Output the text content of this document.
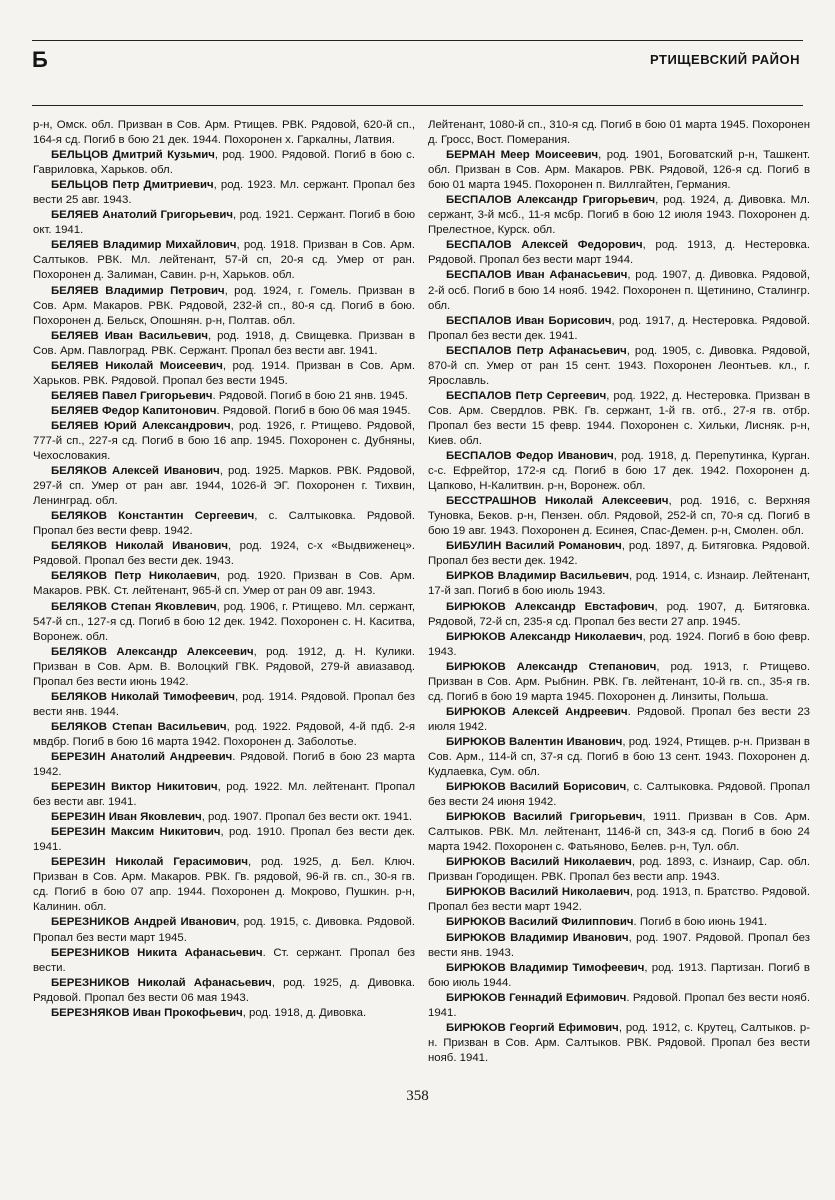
Б	РТИЩЕВСКИЙ РАЙОН

р-н, Омск. обл. Призван в Сов. Арм. Ртищев. РВК. Рядовой, 620-й сп., 164-я сд. Погиб в бою 21 дек. 1944. Похоронен х. Гаркалны, Латвия.

БЕЛЬЦОВ Дмитрий Кузьмич, род. 1900. Рядовой. Погиб в бою с. Гавриловка, Харьков. обл.

БЕЛЬЦОВ Петр Дмитриевич, род. 1923. Мл. сержант. Пропал без вести 25 авг. 1943.

БЕЛЯЕВ Анатолий Григорьевич, род. 1921. Сержант. Погиб в бою окт. 1941.

БЕЛЯЕВ Владимир Михайлович, род. 1918. Призван в Сов. Арм. Салтыков. РВК. Мл. лейтенант, 57-й сп, 20-я сд. Умер от ран. Похоронен д. Залиман, Савин. р-н, Харьков. обл.

БЕЛЯЕВ Владимир Петрович, род. 1924, г. Гомель. Призван в Сов. Арм. Макаров. РВК. Рядовой, 232-й сп., 80-я сд. Погиб в бою. Похоронен д. Бельск, Опошнян. р-н, Полтав. обл.

БЕЛЯЕВ Иван Васильевич, род. 1918, д. Свищевка. Призван в Сов. Арм. Павлоград. РВК. Сержант. Пропал без вести авг. 1941.

БЕЛЯЕВ Николай Моисеевич, род. 1914. Призван в Сов. Арм. Харьков. РВК. Рядовой. Пропал без вести 1945.

БЕЛЯЕВ Павел Григорьевич. Рядовой. Погиб в бою 21 янв. 1945.

БЕЛЯЕВ Федор Капитонович. Рядовой. Погиб в бою 06 мая 1945.

БЕЛЯЕВ Юрий Александрович, род. 1926, г. Ртищево. Рядовой, 777-й сп., 227-я сд. Погиб в бою 16 апр. 1945. Похоронен с. Дубняны, Чехословакия.

БЕЛЯКОВ Алексей Иванович, род. 1925. Марков. РВК. Рядовой, 297-й сп. Умер от ран авг. 1944, 1026-й ЭГ. Похоронен г. Тихвин, Ленинград. обл.

БЕЛЯКОВ Константин Сергеевич, с. Салтыковка. Рядовой. Пропал без вести февр. 1942.

БЕЛЯКОВ Николай Иванович, род. 1924, с-х «Выдвиженец». Рядовой. Пропал без вести дек. 1943.

БЕЛЯКОВ Петр Николаевич, род. 1920. Призван в Сов. Арм. Макаров. РВК. Ст. лейтенант, 965-й сп. Умер от ран 09 авг. 1943.

БЕЛЯКОВ Степан Яковлевич, род. 1906, г. Ртищево. Мл. сержант, 547-й сп., 127-я сд. Погиб в бою 12 дек. 1942. Похоронен с. Н. Каситва, Воронеж. обл.

БЕЛЯКОВ Александр Алексеевич, род. 1912, д. Н. Кулики. Призван в Сов. Арм. В. Волоцкий ГВК. Рядовой, 279-й авиазавод. Пропал без вести июнь 1942.

БЕЛЯКОВ Николай Тимофеевич, род. 1914. Рядовой. Пропал без вести янв. 1944.

БЕЛЯКОВ Степан Васильевич, род. 1922. Рядовой, 4-й пдб. 2-я мвдбр. Погиб в бою 16 марта 1942. Похоронен д. Заболотье.

БЕРЕЗИН Анатолий Андреевич. Рядовой. Погиб в бою 23 марта 1942.

БЕРЕЗИН Виктор Никитович, род. 1922. Мл. лейтенант. Пропал без вести авг. 1941.

БЕРЕЗИН Иван Яковлевич, род. 1907. Пропал без вести окт. 1941.

БЕРЕЗИН Максим Никитович, род. 1910. Пропал без вести дек. 1941.

БЕРЕЗИН Николай Герасимович, род. 1925, д. Бел. Ключ. Призван в Сов. Арм. Макаров. РВК. Гв. рядовой, 96-й гв. сп., 30-я гв. сд. Погиб в бою 07 апр. 1944. Похоронен д. Мокрово, Пушкин. р-н, Калинин. обл.

БЕРЕЗНИКОВ Андрей Иванович, род. 1915, с. Дивовка. Рядовой. Пропал без вести март 1945.

БЕРЕЗНИКОВ Никита Афанасьевич. Ст. сержант. Пропал без вести.

БЕРЕЗНИКОВ Николай Афанасьевич, род. 1925, д. Дивовка. Рядовой. Пропал без вести 06 мая 1943.

БЕРЕЗНЯКОВ Иван Прокофьевич, род. 1918, д. Дивовка.

Лейтенант, 1080-й сп., 310-я сд. Погиб в бою 01 марта 1945. Похоронен д. Гросс, Вост. Померания.

БЕРМАН Меер Моисеевич, род. 1901, Боговатский р-н, Ташкент. обл. Призван в Сов. Арм. Макаров. РВК. Рядовой, 126-я сд. Погиб в бою 01 марта 1945. Похоронен п. Виллгайтен, Германия.

БЕСПАЛОВ Александр Григорьевич, род. 1924, д. Дивовка. Мл. сержант, 3-й мсб., 11-я мсбр. Погиб в бою 12 июля 1943. Похоронен д. Прелестное, Курск. обл.

БЕСПАЛОВ Алексей Федорович, род. 1913, д. Нестеровка. Рядовой. Пропал без вести март 1944.

БЕСПАЛОВ Иван Афанасьевич, род. 1907, д. Дивовка. Рядовой, 2-й осб. Погиб в бою 14 нояб. 1942. Похоронен п. Щетинино, Сталингр. обл.

БЕСПАЛОВ Иван Борисович, род. 1917, д. Нестеровка. Рядовой. Пропал без вести дек. 1941.

БЕСПАЛОВ Петр Афанасьевич, род. 1905, с. Дивовка. Рядовой, 870-й сп. Умер от ран 15 сент. 1943. Похоронен Леонтьев. кл., г. Ярославль.

БЕСПАЛОВ Петр Сергеевич, род. 1922, д. Нестеровка. Призван в Сов. Арм. Свердлов. РВК. Гв. сержант, 1-й гв. отб., 27-я гв. отбр. Пропал без вести 15 февр. 1944. Похоронен с. Хильки, Лисняк. р-н, Киев. обл.

БЕСПАЛОВ Федор Иванович, род. 1918, д. Перепутинка, Курган. с-с. Ефрейтор, 172-я сд. Погиб в бою 17 дек. 1942. Похоронен д. Цапково, Н-Калитвин. р-н, Воронеж. обл.

БЕССТРАШНОВ Николай Алексеевич, род. 1916, с. Верхняя Туновка, Беков. р-н, Пензен. обл. Рядовой, 252-й сп, 70-я сд. Погиб в бою 19 авг. 1943. Похоронен д. Есинея, Спас-Демен. р-н, Смолен. обл.

БИБУЛИН Василий Романович, род. 1897, д. Битяговка. Рядовой. Пропал без вести дек. 1942.

БИРКОВ Владимир Васильевич, род. 1914, с. Изнаир. Лейтенант, 17-й зап. Погиб в бою июль 1943.

БИРЮКОВ Александр Евстафович, род. 1907, д. Битяговка. Рядовой, 72-й сп, 235-я сд. Пропал без вести 27 апр. 1945.

БИРЮКОВ Александр Николаевич, род. 1924. Погиб в бою февр. 1943.

БИРЮКОВ Александр Степанович, род. 1913, г. Ртищево. Призван в Сов. Арм. Рыбнин. РВК. Гв. лейтенант, 10-й гв. сп., 35-я гв. сд. Погиб в бою 19 марта 1945. Похоронен д. Линзиты, Польша.

БИРЮКОВ Алексей Андреевич. Рядовой. Пропал без вести 23 июля 1942.

БИРЮКОВ Валентин Иванович, род. 1924, Ртищев. р-н. Призван в Сов. Арм., 114-й сп, 37-я сд. Погиб в бою 13 сент. 1943. Похоронен д. Кудлаевка, Сум. обл.

БИРЮКОВ Василий Борисович, с. Салтыковка. Рядовой. Пропал без вести 24 июня 1942.

БИРЮКОВ Василий Григорьевич, 1911. Призван в Сов. Арм. Салтыков. РВК. Мл. лейтенант, 1146-й сп, 343-я сд. Погиб в бою 24 марта 1942. Похоронен с. Фатьяново, Белев. р-н, Тул. обл.

БИРЮКОВ Василий Николаевич, род. 1893, с. Изнаир, Сар. обл. Призван Городищен. РВК. Пропал без вести апр. 1943.

БИРЮКОВ Василий Николаевич, род. 1913, п. Братство. Рядовой. Пропал без вести март 1942.

БИРЮКОВ Василий Филиппович. Погиб в бою июнь 1941.

БИРЮКОВ Владимир Иванович, род. 1907. Рядовой. Пропал без вести янв. 1943.

БИРЮКОВ Владимир Тимофеевич, род. 1913. Партизан. Погиб в бою июль 1944.

БИРЮКОВ Геннадий Ефимович. Рядовой. Пропал без вести нояб. 1941.

БИРЮКОВ Георгий Ефимович, род. 1912, с. Крутец, Салтыков. р-н. Призван в Сов. Арм. Салтыков. РВК. Рядовой. Пропал без вести нояб. 1941.

358
